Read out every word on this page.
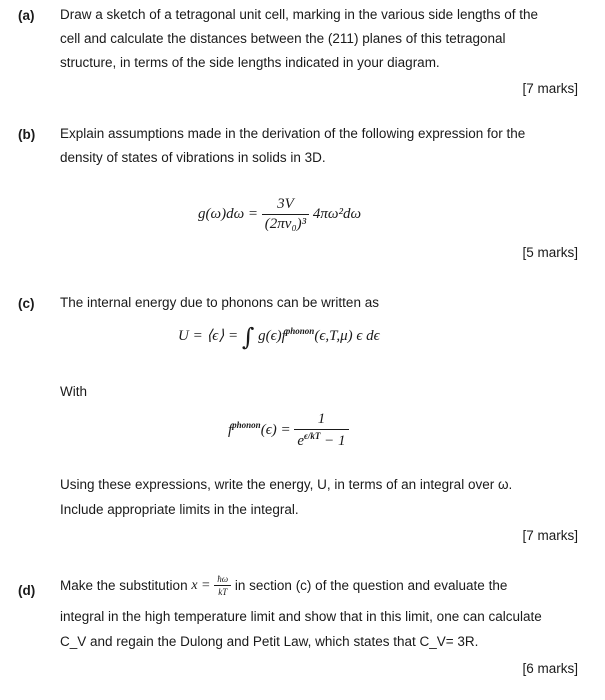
(a) Draw a sketch of a tetragonal unit cell, marking in the various side lengths of the
cell and calculate the distances between the (211) planes of this tetragonal
structure, in terms of the side lengths indicated in your diagram.
[7 marks]
(b) Explain assumptions made in the derivation of the following expression for the
density of states of vibrations in solids in 3D.
$g(\omega)d\omega = \frac{3V}{\text{(2πv₀)³}} 4\pi\omega^2d\omega$
[5 marks]
(c) The internal energy due to phonons can be written as
U = ⟨ϵ⟩ = ∫ $g(\epsilon)f^{phonon}(\epsilon,T,\mu)$ ϵ dϵ
With
$f^{phonon}(\epsilon) = \frac{1}{e^{\epsilon/kT} - 1}$
Using these expressions, write the energy, U, in terms of an integral over ω.
Include appropriate limits in the integral.
[7 marks]
(d) Make the substitution $x = \frac{ħ\omega}{kT}$ in section (c) of the question and evaluate the
integral in the high temperature limit and show that in this limit, one can calculate
C_V and regain the Dulong and Petit Law, which states that C_V= 3R.
[6 marks]
